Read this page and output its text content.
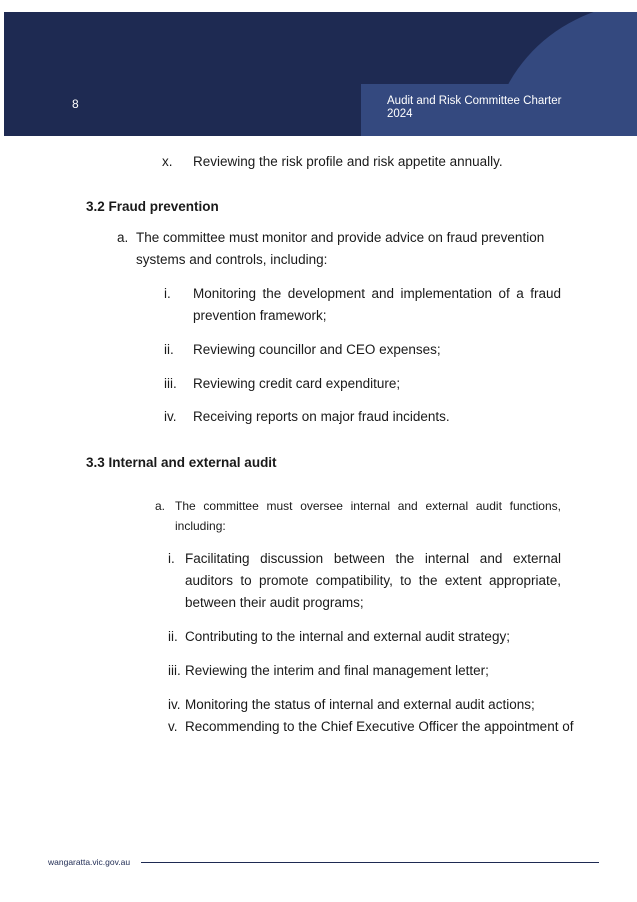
8	Audit and Risk Committee Charter
2024
x. Reviewing the risk profile and risk appetite annually.
3.2 Fraud prevention
a. The committee must monitor and provide advice on fraud prevention
systems and controls, including:
i. Monitoring the development and implementation of a fraud prevention framework;
ii. Reviewing councillor and CEO expenses;
iii. Reviewing credit card expenditure;
iv. Receiving reports on major fraud incidents.
3.3 Internal and external audit
a. The committee must oversee internal and external audit functions, including:
i. Facilitating discussion between the internal and external auditors to promote compatibility, to the extent appropriate, between their audit programs;
ii. Contributing to the internal and external audit strategy;
iii. Reviewing the interim and final management letter;
iv. Monitoring the status of internal and external audit actions;
v. Recommending to the Chief Executive Officer the appointment of
wangaratta.vic.gov.au
